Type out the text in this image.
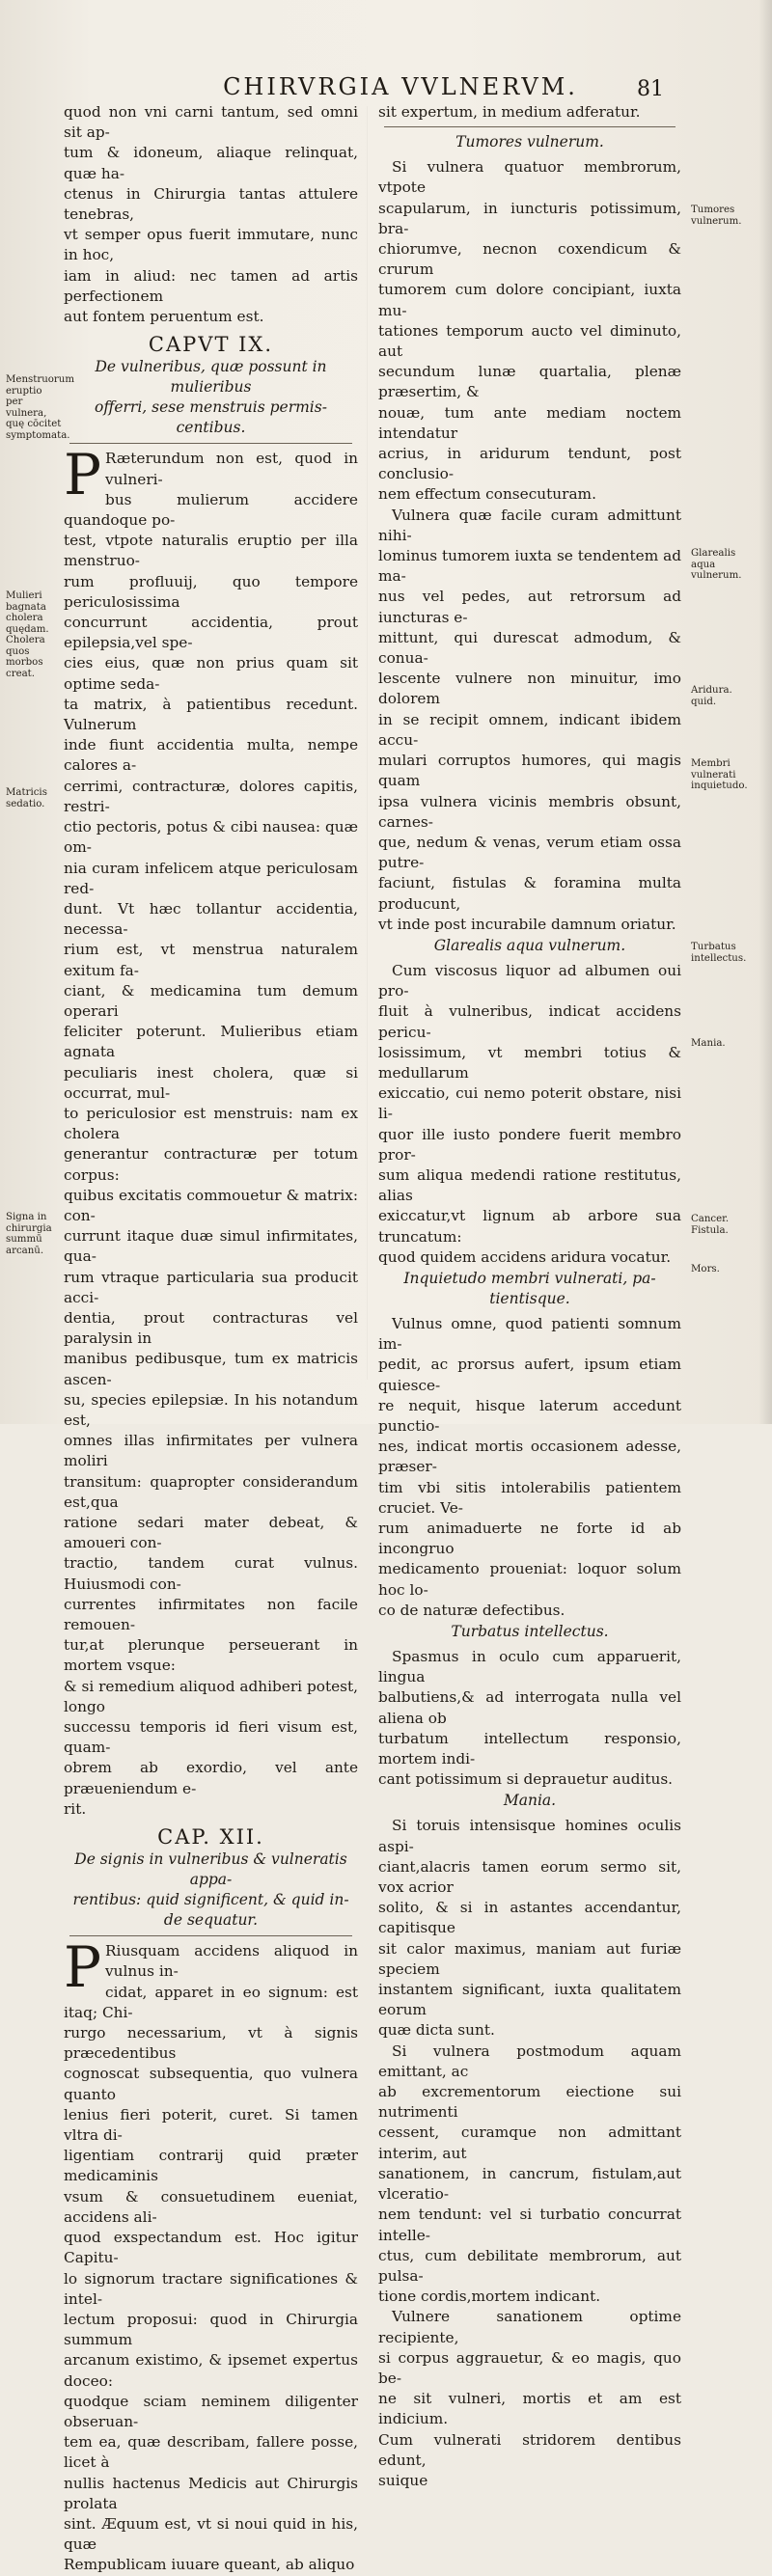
CHIRVRGIA VVLNERVM.	81

quod non vni carni tantum, sed omni sit ap-
tum & idoneum, aliaque relinquat, quæ ha-
ctenus in Chirurgia tantas attulere tenebras,
vt semper opus fuerit immutare, nunc in hoc,
iam in aliud: nec tamen ad artis perfectionem
aut fontem peruentum est.

CAPVT IX.
De vulneribus, quæ possunt in mulieribus
offerri, sese menstruis permis-
centibus.
P Ræterundum non est, quod in vulneri-
bus mulierum accidere quandoque po-
test, vtpote naturalis eruptio per illa menstruo-
rum profluuij, quo tempore periculosissima
concurrunt accidentia, prout epilepsia,vel spe-
cies eius, quæ non prius quam sit optime seda-
ta matrix, à patientibus recedunt. Vulnerum
inde fiunt accidentia multa, nempe calores a-
cerrimi, contracturæ, dolores capitis, restri-
ctio pectoris, potus & cibi nausea: quæ om-
nia curam infelicem atque periculosam red-
dunt. Vt hæc tollantur accidentia, necessa-
rium est, vt menstrua naturalem exitum fa-
ciant, & medicamina tum demum operari
feliciter poterunt. Mulieribus etiam agnata
peculiaris inest cholera, quæ si occurrat, mul-
to periculosior est menstruis: nam ex cholera
generantur contracturæ per totum corpus:
quibus excitatis commouetur & matrix: con-
currunt itaque duæ simul infirmitates, qua-
rum vtraque particularia sua producit acci-
dentia, prout contracturas vel paralysin in
manibus pedibusque, tum ex matricis ascen-
su, species epilepsiæ. In his notandum est,
omnes illas infirmitates per vulnera moliri
transitum: quapropter considerandum est,qua
ratione sedari mater debeat, & amoueri con-
tractio, tandem curat vulnus. Huiusmodi con-
currentes infirmitates non facile remouen-
tur,at plerunque perseuerant in mortem vsque:
& si remedium aliquod adhiberi potest, longo
successu temporis id fieri visum est, quam-
obrem ab exordio, vel ante præueniendum e-
rit.

CAP. XII.
De signis in vulneribus & vulneratis appa-
rentibus: quid significent, & quid in-
de sequatur.
P Riusquam accidens aliquod in vulnus in-
cidat, apparet in eo signum: est itaq; Chi-
rurgo necessarium, vt à signis præcedentibus
cognoscat subsequentia, quo vulnera quanto
lenius fieri poterit, curet. Si tamen vltra di-
ligentiam contrarij quid præter medicaminis
vsum & consuetudinem eueniat, accidens ali-
quod exspectandum est. Hoc igitur Capitu-
lo signorum tractare significationes & intel-
lectum proposui: quod in Chirurgia summum
arcanum existimo, & ipsemet expertus doceo:
quodque sciam neminem diligenter obseruan-
tem ea, quæ describam, fallere posse, licet à
nullis hactenus Medicis aut Chirurgis prolata
sint. Æquum est, vt si noui quid in his, quæ
Rempublicam iuuare queant, ab aliquo

sit expertum, in medium adferatur.

Tumores vulnerum.

Si vulnera quatuor membrorum, vtpote
scapularum, in iuncturis potissimum, bra-
chiorumve, necnon coxendicum & crurum
tumorem cum dolore concipiant, iuxta mu-
tationes temporum aucto vel diminuto, aut
secundum lunæ quartalia, plenæ præsertim, &
nouæ, tum ante mediam noctem intendatur
acrius, in aridurum tendunt, post conclusio-
nem effectum consecuturam.

Vulnera quæ facile curam admittunt nihi-
lominus tumorem iuxta se tendentem ad ma-
nus vel pedes, aut retrorsum ad iuncturas e-
mittunt, qui durescat admodum, & conua-
lescente vulnere non minuitur, imo dolorem
in se recipit omnem, indicant ibidem accu-
mulari corruptos humores, qui magis quam
ipsa vulnera vicinis membris obsunt, carnes-
que, nedum & venas, verum etiam ossa putre-
faciunt, fistulas & foramina multa producunt,
vt inde post incurabile damnum oriatur.

Glarealis aqua vulnerum.

Cum viscosus liquor ad albumen oui pro-
fluit à vulneribus, indicat accidens pericu-
losissimum, vt membri totius & medullarum
exiccatio, cui nemo poterit obstare, nisi li-
quor ille iusto pondere fuerit membro pror-
sum aliqua medendi ratione restitutus, alias
exiccatur,vt lignum ab arbore sua truncatum:
quod quidem accidens aridura vocatur.

Inquietudo membri vulnerati, pa-
tientisque.

Vulnus omne, quod patienti somnum im-
pedit, ac prorsus aufert, ipsum etiam quiesce-
re nequit, hisque laterum accedunt punctio-
nes, indicat mortis occasionem adesse, præser-
tim vbi sitis intolerabilis patientem cruciet. Ve-
rum animaduerte ne forte id ab incongruo
medicamento proueniat: loquor solum hoc lo-
co de naturæ defectibus.

Turbatus intellectus.

Spasmus in oculo cum apparuerit, lingua
balbutiens,& ad interrogata nulla vel aliena ob
turbatum intellectum responsio, mortem indi-
cant potissimum si deprauetur auditus.

Mania.

Si toruis intensisque homines oculis aspi-
ciant,alacris tamen eorum sermo sit, vox acrior
solito, & si in astantes accendantur, capitisque
sit calor maximus, maniam aut furiæ speciem
instantem significant, iuxta qualitatem eorum
quæ dicta sunt.

Si vulnera postmodum aquam emittant, ac
ab excrementorum eiectione sui nutrimenti
cessent, curamque non admittant interim, aut
sanationem, in cancrum, fistulam,aut vlceratio-
nem tendunt: vel si turbatio concurrat intelle-
ctus, cum debilitate membrorum, aut pulsa-
tione cordis,mortem indicant.

Vulnere sanationem optime recipiente,
si corpus aggrauetur, & eo magis, quo be-
ne sit vulneri, mortis et am est indicium.
Cum vulnerati stridorem dentibus edunt,
suique

Menstruorum eruptio per vulnera, quę cōcitet symptomata.
Mulieri bagnata cholera quędam. Cholera quos morbos creat.
Matricis sedatio.
Signa in chirurgia summū arcanū.
Tumores vulnerum.
Glarealis aqua vulnerum.
Aridura. quid.
Membri vulnerati inquietudo.
Turbatus intellectus.
Mania.
Cancer. Fistula.
Mors.
